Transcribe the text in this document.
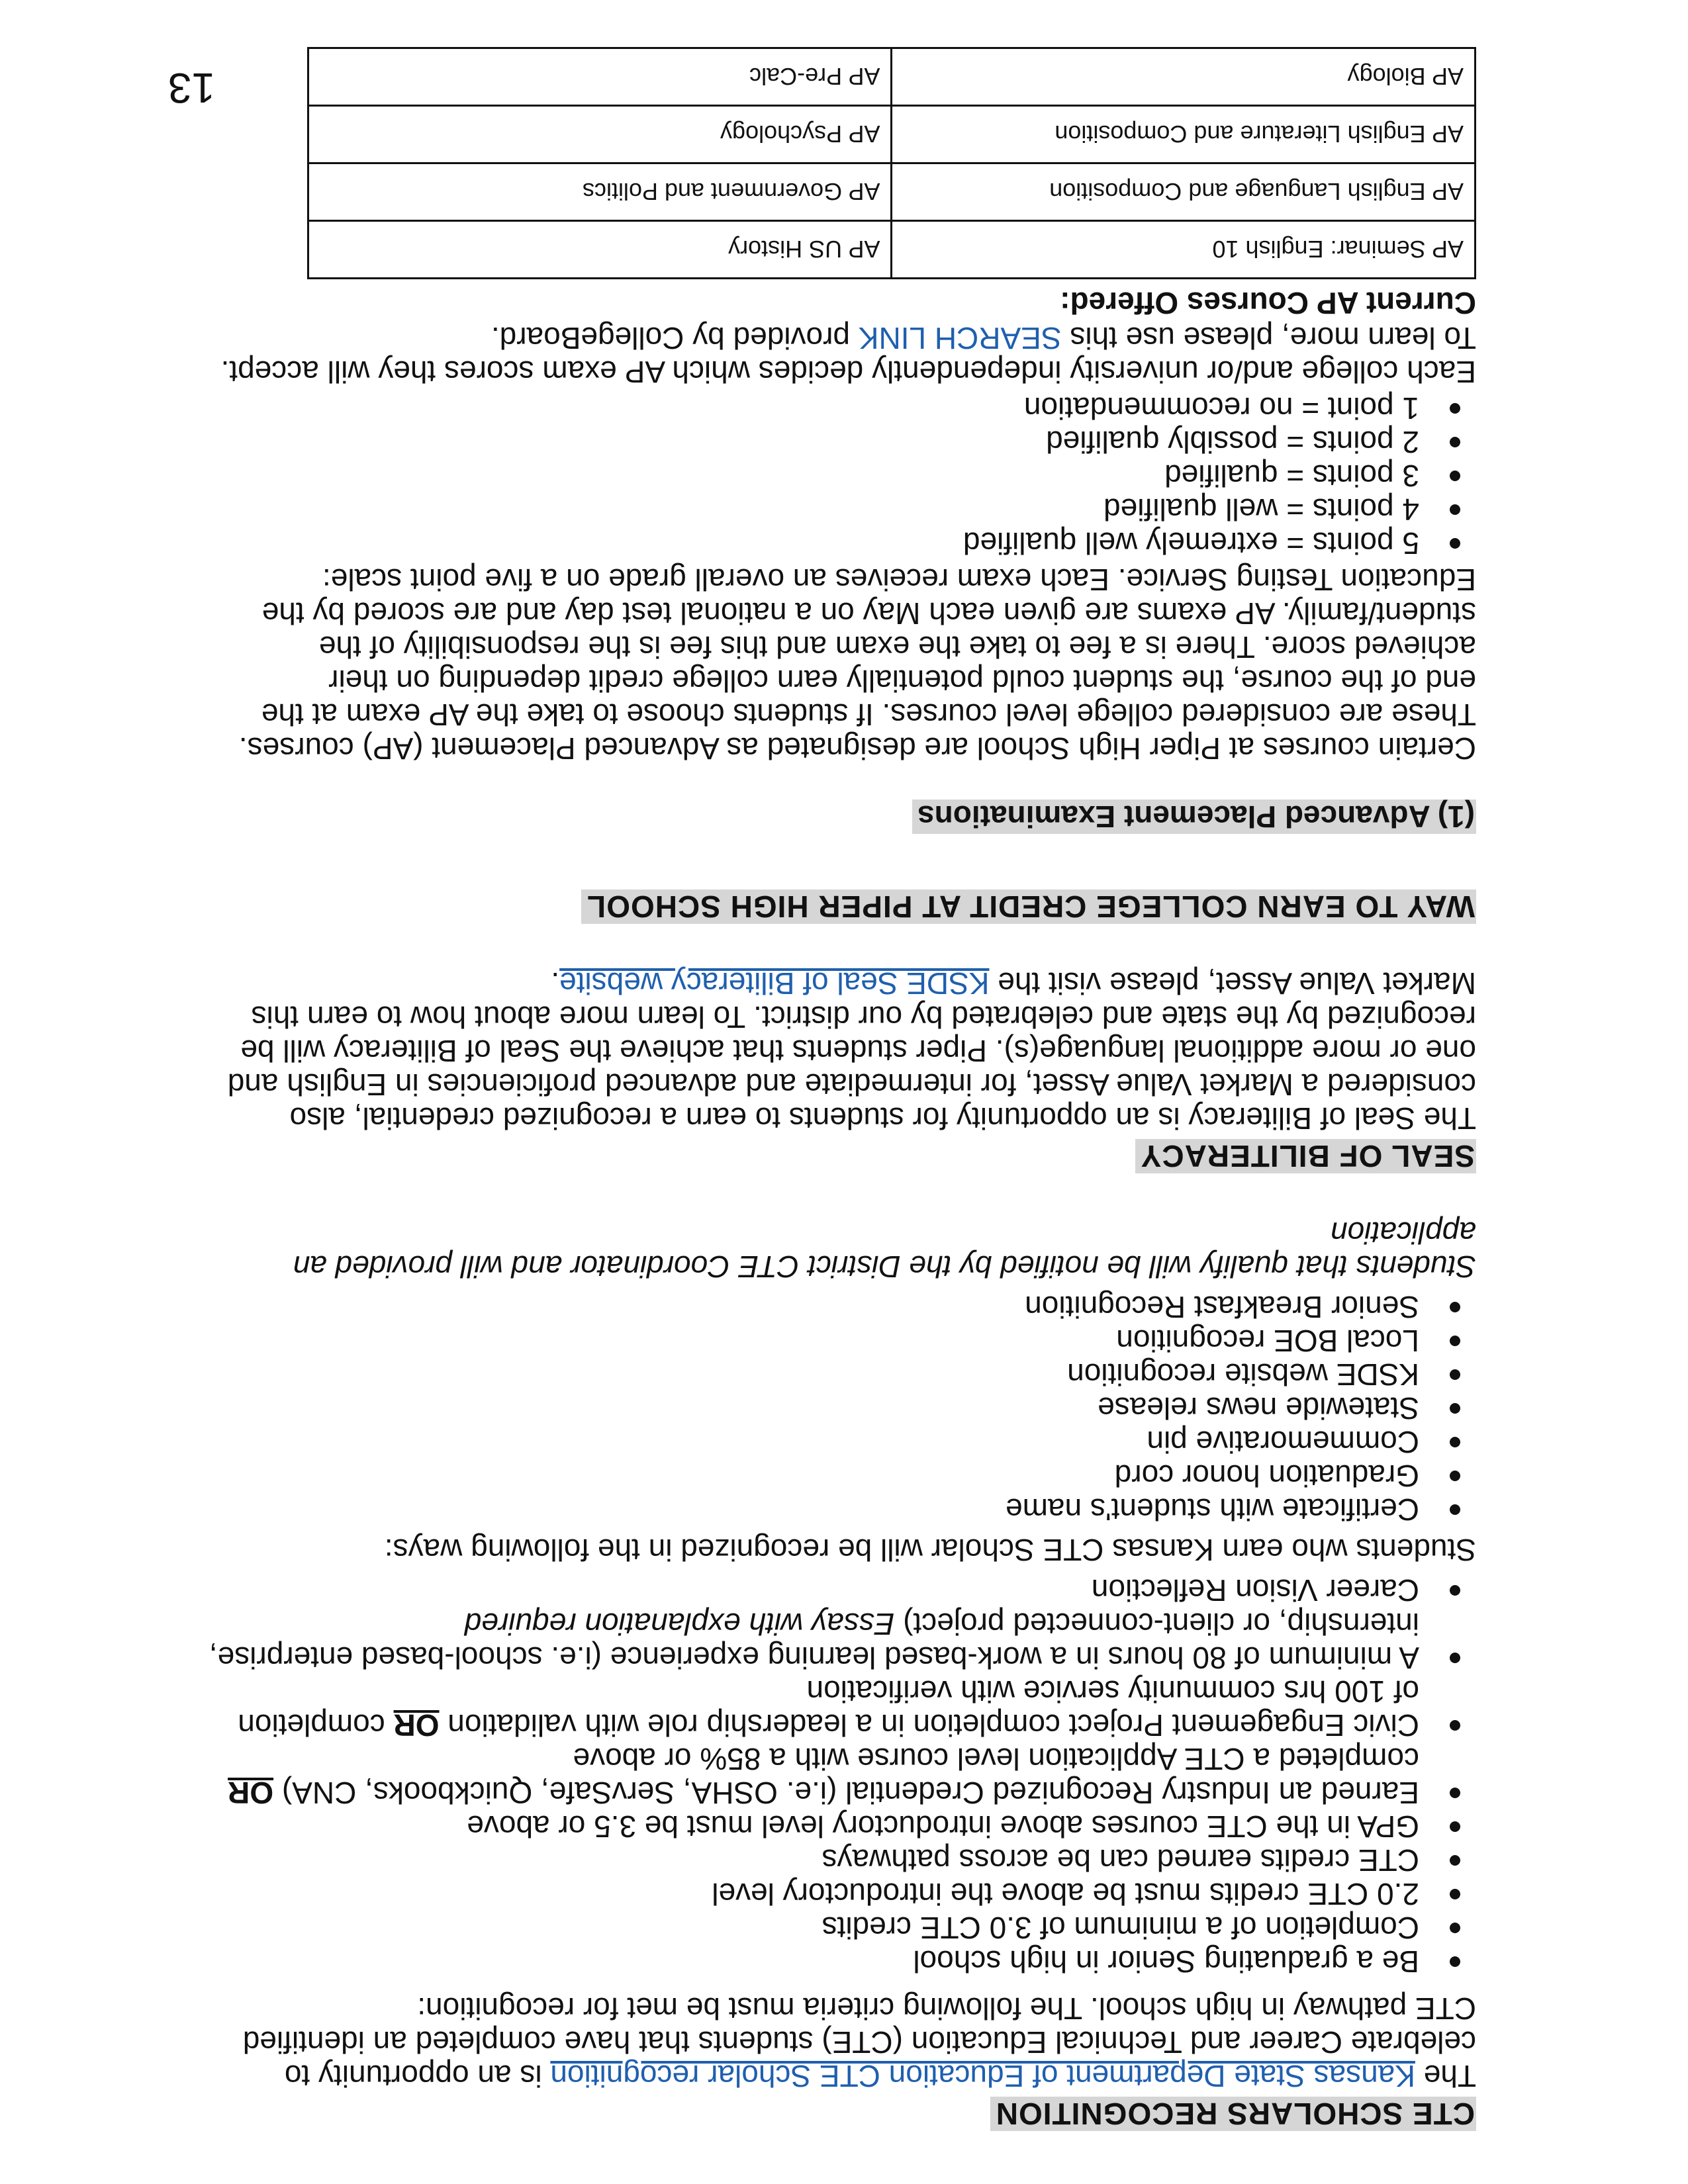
CTE SCHOLARS RECOGNITION

The Kansas State Department of Education CTE Scholar recognition is an opportunity to celebrate Career and Technical Education (CTE) students that have completed an identified CTE pathway in high school. The following criteria must be met for recognition:

Be a graduating Senior in high school
Completion of a minimum of 3.0 CTE credits
2.0 CTE credits must be above the introductory level
CTE credits earned can be across pathways
GPA in the CTE courses above introductory level must be 3.5 or above
Earned an Industry Recognized Credential (i.e. OSHA, ServSafe, Quickbooks, CNA) OR completed a CTE Application level course with a 85% or above
Civic Engagement Project completion in a leadership role with validation OR completion of 100 hrs community service with verification
A minimum of 80 hours in a work-based learning experience (i.e. school-based enterprise, internship, or client-connected project) Essay with explanation required
Career Vision Reflection

Students who earn Kansas CTE Scholar will be recognized in the following ways:

Certificate with student's name
Graduation honor cord
Commemorative pin
Statewide news release
KSDE website recognition
Local BOE recognition
Senior Breakfast Recognition

Students that qualify will be notified by the District CTE Coordinator and will provided an application

SEAL OF BILITERACY

The Seal of Biliteracy is an opportunity for students to earn a recognized credential, also considered a Market Value Asset, for intermediate and advanced proficiencies in English and one or more additional language(s). Piper students that achieve the Seal of Biliteracy will be recognized by the state and celebrated by our district. To learn more about how to earn this Market Value Asset, please visit the KSDE Seal of Biliteracy website.

WAY TO EARN COLLEGE CREDIT AT PIPER HIGH SCHOOL
(1) Advanced Placement Examinations

Certain courses at Piper High School are designated as Advanced Placement (AP) courses. These are considered college level courses. If students choose to take the AP exam at the end of the course, the student could potentially earn college credit depending on their achieved score. There is a fee to take the exam and this fee is the responsibility of the student/family. AP exams are given each May on a national test day and are scored by the Education Testing Service. Each exam receives an overall grade on a five point scale:

5 points = extremely well qualified
4 points = well qualified
3 points = qualified
2 points = possibly qualified
1 point = no recommendation

Each college and/or university independently decides which AP exam scores they will accept. To learn more, please use this SEARCH LINK provided by CollegeBoard.

Current AP Courses Offered:

AP Seminar: English 10	AP US History
AP English Language and Composition	AP Government and Politics
AP English Literature and Composition	AP Psychology
AP Biology	AP Pre-Calc
13
